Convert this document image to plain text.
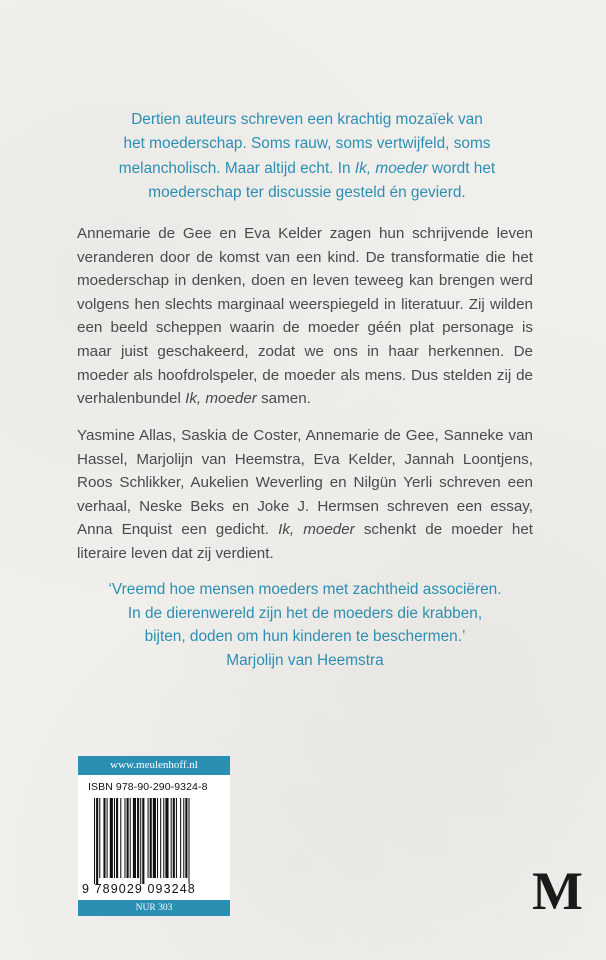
Dertien auteurs schreven een krachtig mozaïek van
het moederschap. Soms rauw, soms vertwijfeld, soms
melancholisch. Maar altijd echt. In Ik, moeder wordt het
moederschap ter discussie gesteld én gevierd.

Annemarie de Gee en Eva Kelder zagen hun schrijvende leven veranderen door de komst van een kind. De transformatie die het moederschap in denken, doen en leven teweeg kan brengen werd volgens hen slechts marginaal weerspiegeld in literatuur. Zij wilden een beeld scheppen waarin de moeder géén plat personage is maar juist geschakeerd, zodat we ons in haar herkennen. De moeder als hoofdrolspeler, de moeder als mens. Dus stelden zij de verhalenbundel Ik, moeder samen.

Yasmine Allas, Saskia de Coster, Annemarie de Gee, Sanneke van Hassel, Marjolijn van Heemstra, Eva Kelder, Jannah Loontjens, Roos Schlikker, Aukelien Weverling en Nilgün Yerli schreven een verhaal, Neske Beks en Joke J. Hermsen schreven een essay, Anna Enquist een gedicht. Ik, moeder schenkt de moeder het literaire leven dat zij verdient.

‘Vreemd hoe mensen moeders met zachtheid associëren.
In de dierenwereld zijn het de moeders die krabben,
bijten, doden om hun kinderen te beschermen.’

Marjolijn van Heemstra

www.meulenhoff.nl
ISBN 978-90-290-9324-8
9 789029 093248
NUR 303	M
